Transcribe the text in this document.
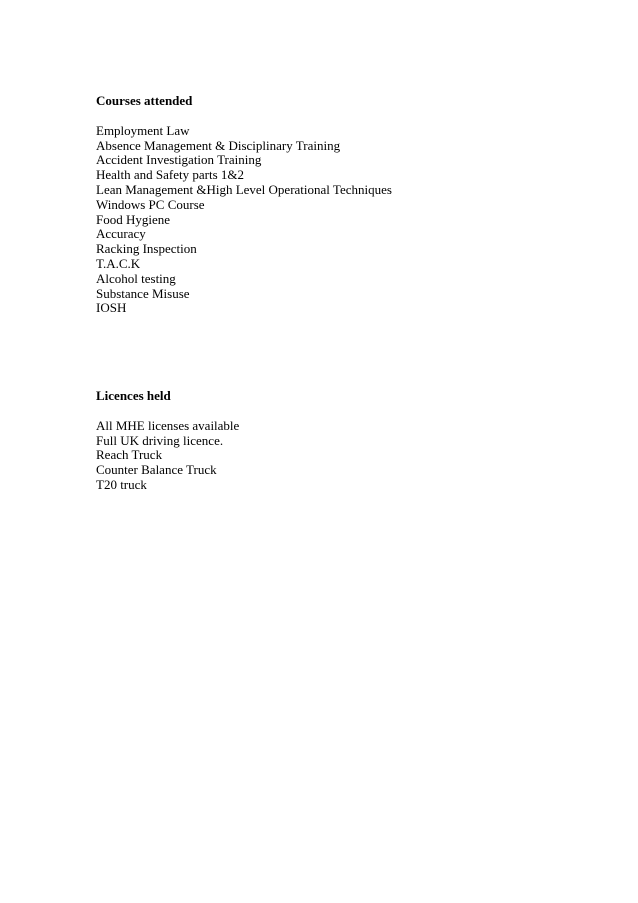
Courses attended
Employment Law
Absence Management & Disciplinary Training
Accident Investigation Training
Health and Safety parts 1&2
Lean Management &High Level Operational Techniques
Windows PC Course
Food Hygiene
Accuracy
Racking Inspection
T.A.C.K
Alcohol testing
Substance Misuse
IOSH
Licences held
All MHE licenses available
Full UK driving licence.
Reach Truck
Counter Balance Truck
T20 truck
